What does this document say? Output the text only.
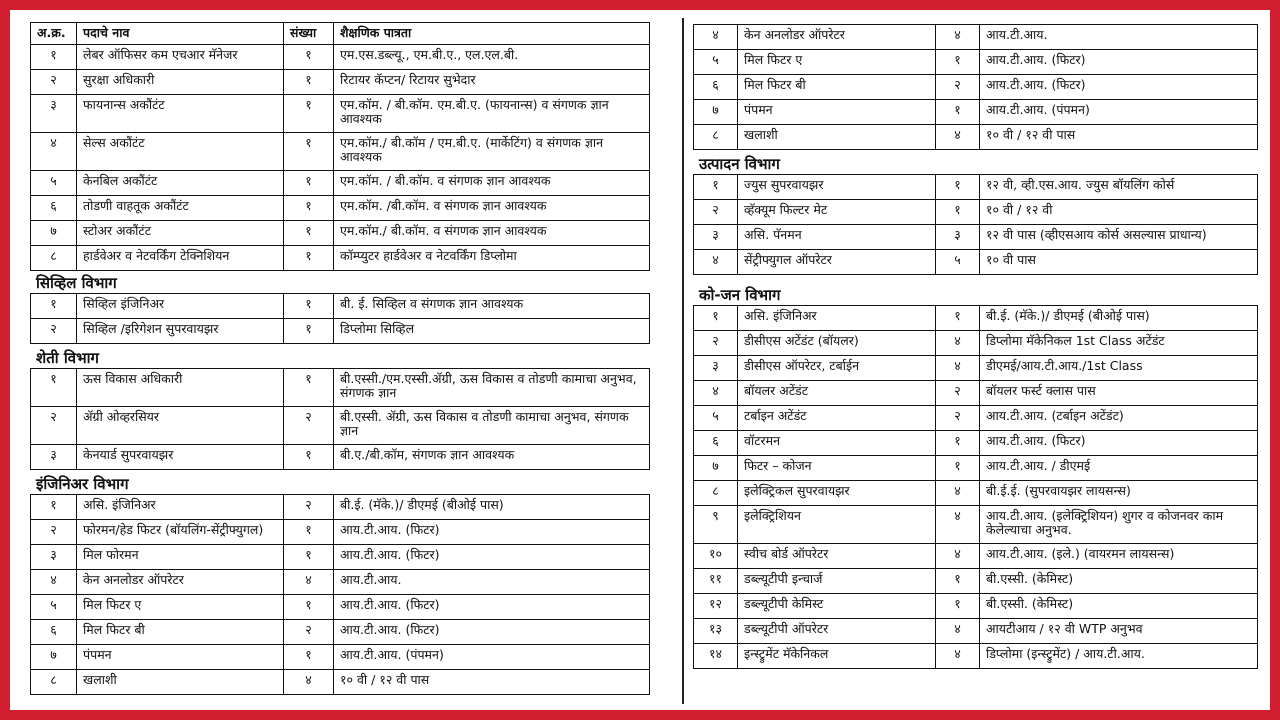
अ.क्र.	पदाचे नाव	संख्या	शैक्षणिक पात्रता
१	लेबर ऑफिसर कम एचआर मॅनेजर	१	एम.एस.डब्ल्यू., एम.बी.ए., एल.एल.बी.
२	सुरक्षा अधिकारी	१	रिटायर कॅप्टन/ रिटायर सुभेदार
३	फायनान्स अकौंटंट	१	एम.कॉम. / बी.कॉम. एम.बी.ए. (फायनान्स) व संगणक ज्ञान आवश्यक
४	सेल्स अकौंटंट	१	एम.कॉम./ बी.कॉम / एम.बी.ए. (मार्केटिंग) व संगणक ज्ञान आवश्यक
५	केनबिल अकौंटंट	१	एम.कॉम. / बी.कॉम. व संगणक ज्ञान आवश्यक
६	तोडणी वाहतूक अकौंटंट	१	एम.कॉम. /बी.कॉम. व संगणक ज्ञान आवश्यक
७	स्टोअर अकौंटंट	१	एम.कॉम./ बी.कॉम. व संगणक ज्ञान आवश्यक
८	हार्डवेअर व नेटवर्किंग टेक्निशियन	१	कॉम्प्युटर हार्डवेअर व नेटवर्किंग डिप्लोमा
सिव्हिल विभाग
१	सिव्हिल इंजिनिअर	१	बी. ई. सिव्हिल व संगणक ज्ञान आवश्यक
२	सिव्हिल /इरिगेशन सुपरवायझर	१	डिप्लोमा सिव्हिल
शेती विभाग
१	ऊस विकास अधिकारी	१	बी.एस्सी./एम.एस्सी.ॲग्री, ऊस विकास व तोडणी कामाचा अनुभव, संगणक ज्ञान
२	ॲग्री ओव्हरसियर	२	बी.एस्सी. ॲग्री, ऊस विकास व तोडणी कामाचा अनुभव, संगणक ज्ञान
३	केनयार्ड सुपरवायझर	१	बी.ए./बी.कॉम, संगणक ज्ञान आवश्यक
इंजिनिअर विभाग
१	असि. इंजिनिअर	२	बी.ई. (मॅके.)/ डीएमई (बीओई पास)
२	फोरमन/हेड फिटर (बॉयलिंग-सेंट्रीफ्युगल)	१	आय.टी.आय. (फिटर)
३	मिल फोरमन	१	आय.टी.आय. (फिटर)
४	केन अनलोडर ऑपरेटर	४	आय.टी.आय.
५	मिल फिटर ए	१	आय.टी.आय. (फिटर)
६	मिल फिटर बी	२	आय.टी.आय. (फिटर)
७	पंपमन	१	आय.टी.आय. (पंपमन)
८	खलाशी	४	१० वी / १२ वी पास
४	केन अनलोडर ऑपरेटर	४	आय.टी.आय.
५	मिल फिटर ए	१	आय.टी.आय. (फिटर)
६	मिल फिटर बी	२	आय.टी.आय. (फिटर)
७	पंपमन	१	आय.टी.आय. (पंपमन)
८	खलाशी	४	१० वी / १२ वी पास
उत्पादन विभाग
१	ज्युस सुपरवायझर	१	१२ वी, व्ही.एस.आय. ज्युस बॉयलिंग कोर्स
२	व्हॅक्यूम फिल्टर मेट	१	१० वी / १२ वी
३	असि. पॅनमन	३	१२ वी पास (व्हीएसआय कोर्स असल्यास प्राधान्य)
४	सेंट्रीफ्युगल ऑपरेटर	५	१० वी पास
को-जन विभाग
१	असि. इंजिनिअर	१	बी.ई. (मॅके.)/ डीएमई (बीओई पास)
२	डीसीएस अटेंडंट (बॉयलर)	४	डिप्लोमा मॅकेनिकल 1st Class अटेंडंट
३	डीसीएस ऑपरेटर, टर्बाईन	४	डीएमई/आय.टी.आय./1st Class
४	बॉयलर अटेंडंट	२	बॉयलर फर्स्ट क्लास पास
५	टर्बाइन अटेंडंट	२	आय.टी.आय. (टर्बाइन अटेंडंट)
६	वॉटरमन	१	आय.टी.आय. (फिटर)
७	फिटर – कोजन	१	आय.टी.आय. / डीएमई
८	इलेक्ट्रिकल सुपरवायझर	४	बी.ई.ई. (सुपरवायझर लायसन्स)
९	इलेक्ट्रिशियन	४	आय.टी.आय. (इलेक्ट्रिशियन) शुगर व कोजनवर काम केलेल्याचा अनुभव.
१०	स्वीच बोर्ड ऑपरेटर	४	आय.टी.आय. (इले.) (वायरमन लायसन्स)
११	डब्ल्यूटीपी इन्चार्ज	१	बी.एस्सी. (केमिस्ट)
१२	डब्ल्यूटीपी केमिस्ट	१	बी.एस्सी. (केमिस्ट)
१३	डब्ल्यूटीपी ऑपरेटर	४	आयटीआय / १२ वी WTP अनुभव
१४	इन्स्ट्रुमेंट मॅकेनिकल	४	डिप्लोमा (इन्स्ट्रुमेंट) / आय.टी.आय.
